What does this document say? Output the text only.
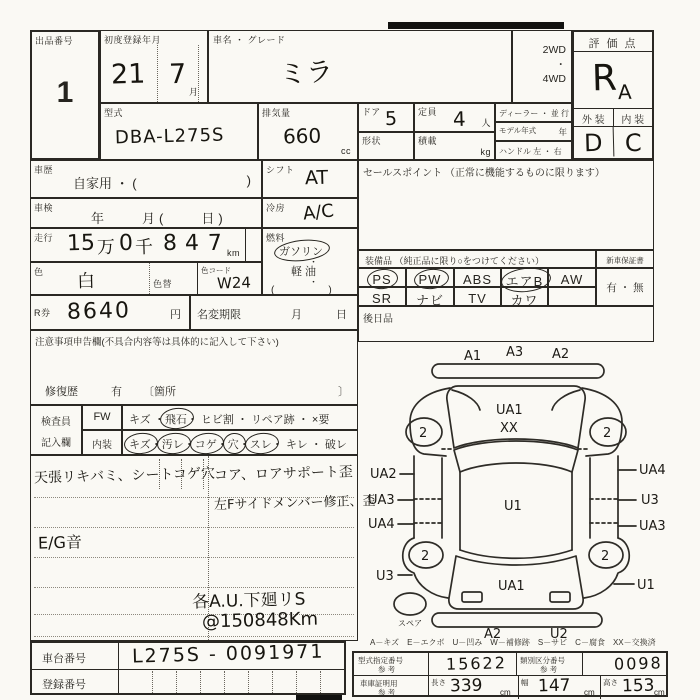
出品番号
1
初度登録年月
21 7
月
車名 ・ グレード
ミラ
2WD
・
4WD
評 価 点
R A
外 装	内 装
D C
型式
DBA-L275S
排気量
660
cc
ドア 5 定員 4 人
形状	積載
kg
ディーラー ・ 並 行
モデル年式	年
ハンドル 左 ・ 右
車歴
自家用 ・ (	)
シフト AT
車検
年　　月(　　日)
冷房 A/C
走行 15 万 0 千 8 4 7 km
燃料
ガソリン
・
軽 油
・
(　　　)
色 白	色替
色コード
W24
R券 8640	円 名変期限	月	日
注意事項申告欄(不具合内容等は具体的に記入して下さい)
修復歴	有 〔箇所	〕
検査員
記入欄
FW	キズ ・飛石・ ヒビ割 ・ リペア跡 ・ ×要
内装	キズ・汚レ・コゲ・穴・スレ・ キレ ・ 破レ
天張リキバミ、シートコゲ穴
コア、ロアサポート歪
左Fサイドメンバー修正、歪
E/G音
各A.U.下廻リS
@150848Km
セールスポイント （正常に機能するものに限ります）
装備品 （純正品に限り○をつけてください）	新車保証書
PS	PW	ABS	エアB	AW
SR	ナビ	TV	カワ
有 ・ 無
後日品
A1 A3 A2
UA1
XX
2	2
U1
UA1
2	2
UA2
UA3
UA4
U3
UA4
U3
UA3
U1
スペア
A2	U2
A－キズ　E－エクボ　U－凹み　W－補修跡　S－サビ　C－腐食　XX－交換済
車台番号 L275S - 0091971
登録番号
型式指定番号
参 考	15622 類別区分番号
参 考	0098
車庫証明用
参 考
長さ 339 cm
幅 147 cm
高さ 153 cm
